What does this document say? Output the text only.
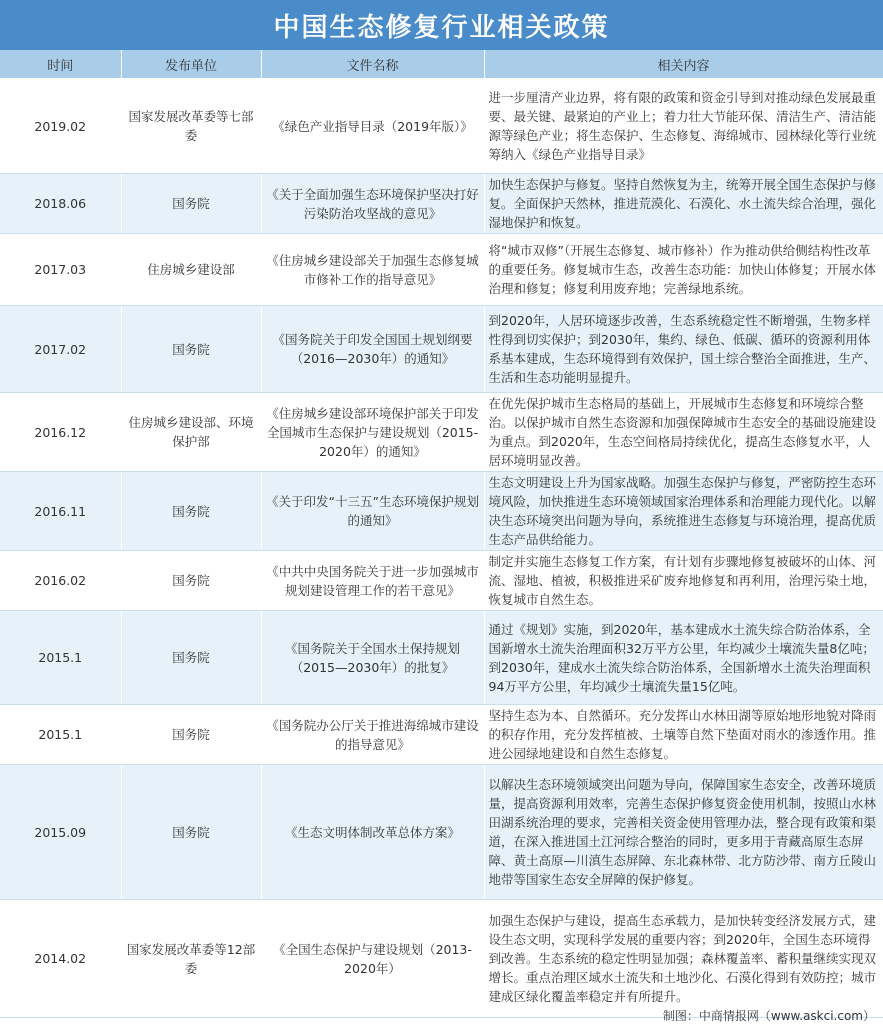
中国生态修复行业相关政策
时间	发布单位	文件名称	相关内容
2019.02	国家发展改革委等七部委	《绿色产业指导目录（2019年版）》	进一步厘清产业边界，将有限的政策和资金引导到对推动绿色发展最重要、最关键、最紧迫的产业上；着力壮大节能环保、清洁生产、清洁能源等绿色产业；将生态保护、生态修复、海绵城市、园林绿化等行业统筹纳入《绿色产业指导目录》
2018.06	国务院	《关于全面加强生态环境保护坚决打好污染防治攻坚战的意见》	加快生态保护与修复。坚持自然恢复为主，统筹开展全国生态保护与修复。全面保护天然林，推进荒漠化、石漠化、水土流失综合治理，强化湿地保护和恢复。
2017.03	住房城乡建设部	《住房城乡建设部关于加强生态修复城市修补工作的指导意见》	将“城市双修”（开展生态修复、城市修补）作为推动供给侧结构性改革的重要任务。修复城市生态，改善生态功能：加快山体修复；开展水体治理和修复；修复利用废弃地；完善绿地系统。
2017.02	国务院	《国务院关于印发全国国土规划纲要（2016—2030年）的通知》	到2020年，人居环境逐步改善，生态系统稳定性不断增强，生物多样性得到切实保护；到2030年，集约、绿色、低碳、循环的资源利用体系基本建成，生态环境得到有效保护，国土综合整治全面推进，生产、生活和生态功能明显提升。
2016.12	住房城乡建设部、环境保护部	《住房城乡建设部环境保护部关于印发全国城市生态保护与建设规划（2015-2020年）的通知》	在优先保护城市生态格局的基础上，开展城市生态修复和环境综合整治。以保护城市自然生态资源和加强保障城市生态安全的基础设施建设为重点。到2020年，生态空间格局持续优化，提高生态修复水平，人居环境明显改善。
2016.11	国务院	《关于印发“十三五”生态环境保护规划的通知》	生态文明建设上升为国家战略。加强生态保护与修复，严密防控生态环境风险，加快推进生态环境领域国家治理体系和治理能力现代化。以解决生态环境突出问题为导向，系统推进生态修复与环境治理，提高优质生态产品供给能力。
2016.02	国务院	《中共中央国务院关于进一步加强城市规划建设管理工作的若干意见》	制定并实施生态修复工作方案，有计划有步骤地修复被破坏的山体、河流、湿地、植被，积极推进采矿废弃地修复和再利用，治理污染土地，恢复城市自然生态。
2015.1	国务院	《国务院关于全国水土保持规划（2015—2030年）的批复》	通过《规划》实施，到2020年，基本建成水土流失综合防治体系，全国新增水土流失治理面积32万平方公里，年均减少土壤流失量8亿吨；到2030年，建成水土流失综合防治体系，全国新增水土流失治理面积94万平方公里，年均减少土壤流失量15亿吨。
2015.1	国务院	《国务院办公厅关于推进海绵城市建设的指导意见》	坚持生态为本、自然循环。充分发挥山水林田湖等原始地形地貌对降雨的积存作用，充分发挥植被、土壤等自然下垫面对雨水的渗透作用。推进公园绿地建设和自然生态修复。
2015.09	国务院	《生态文明体制改革总体方案》	以解决生态环境领域突出问题为导向，保障国家生态安全，改善环境质量，提高资源利用效率，完善生态保护修复资金使用机制，按照山水林田湖系统治理的要求，完善相关资金使用管理办法，整合现有政策和渠道，在深入推进国土江河综合整治的同时，更多用于青藏高原生态屏障、黄土高原—川滇生态屏障、东北森林带、北方防沙带、南方丘陵山地带等国家生态安全屏障的保护修复。
2014.02	国家发展改革委等12部委	《全国生态保护与建设规划（2013-2020年）	加强生态保护与建设，提高生态承载力，是加快转变经济发展方式，建设生态文明，实现科学发展的重要内容；到2020年，全国生态环境得到改善。生态系统的稳定性明显加强；森林覆盖率、蓄积量继续实现双增长。重点治理区域水土流失和土地沙化、石漠化得到有效防控；城市建成区绿化覆盖率稳定并有所提升。
制图：中商情报网（www.askci.com）
